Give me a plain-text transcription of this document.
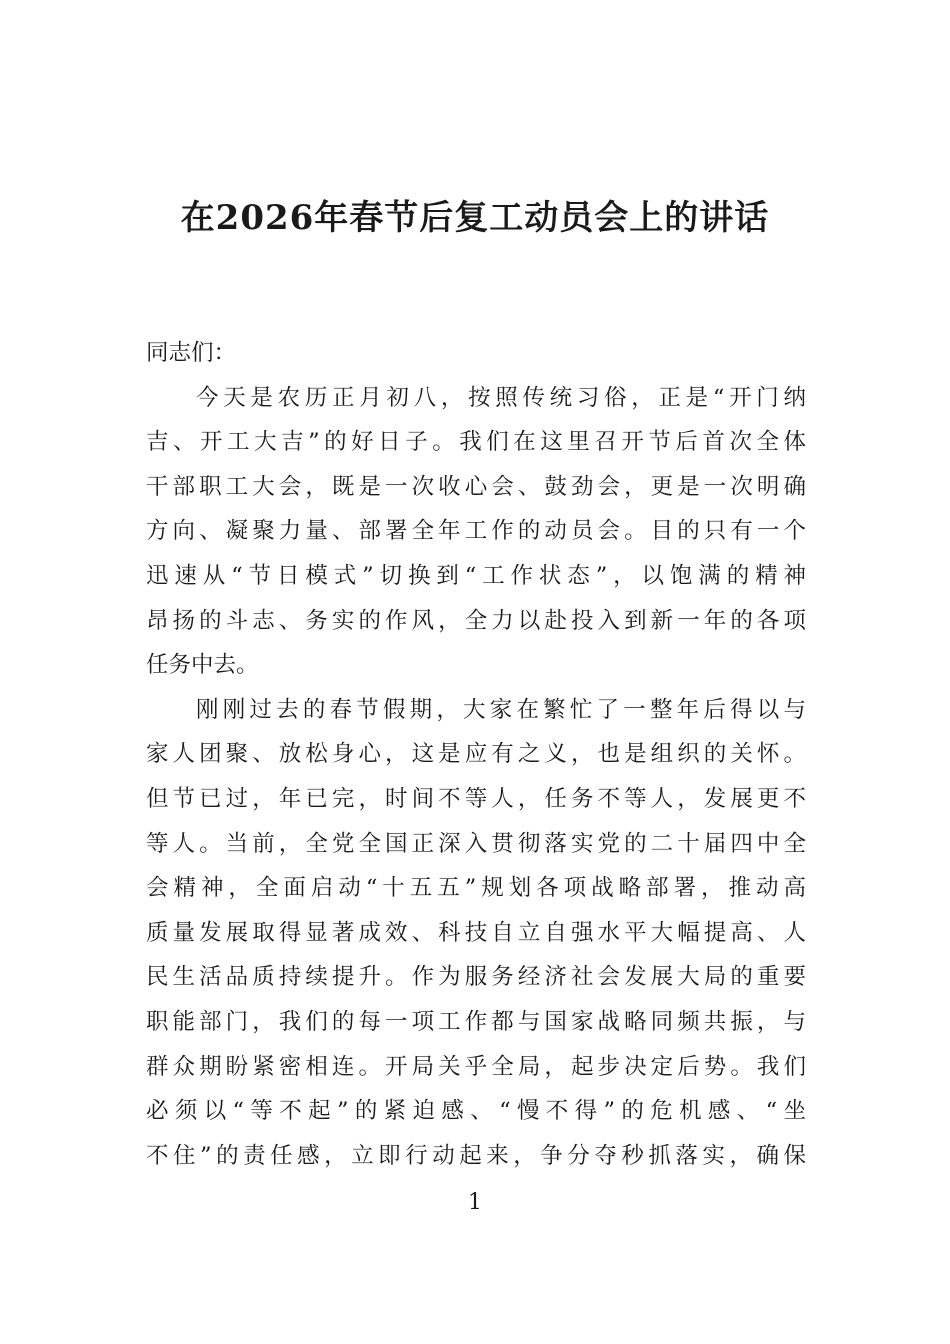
在2026年春节后复工动员会上的讲话
同志们：
今天是农历正月初八，按照传统习俗，正是“开门纳
吉、开工大吉”的好日子。我们在这里召开节后首次全体
干部职工大会，既是一次收心会、鼓劲会，更是一次明确
方向、凝聚力量、部署全年工作的动员会。目的只有一个
迅速从“节日模式”切换到“工作状态”，以饱满的精神
昂扬的斗志、务实的作风，全力以赴投入到新一年的各项
任务中去。
刚刚过去的春节假期，大家在繁忙了一整年后得以与
家人团聚、放松身心，这是应有之义，也是组织的关怀。
但节已过，年已完，时间不等人，任务不等人，发展更不
等人。当前，全党全国正深入贯彻落实党的二十届四中全
会精神，全面启动“十五五”规划各项战略部署，推动高
质量发展取得显著成效、科技自立自强水平大幅提高、人
民生活品质持续提升。作为服务经济社会发展大局的重要
职能部门，我们的每一项工作都与国家战略同频共振，与
群众期盼紧密相连。开局关乎全局，起步决定后势。我们
必须以“等不起”的紧迫感、“慢不得”的危机感、“坐
不住”的责任感，立即行动起来，争分夺秒抓落实，确保
1
